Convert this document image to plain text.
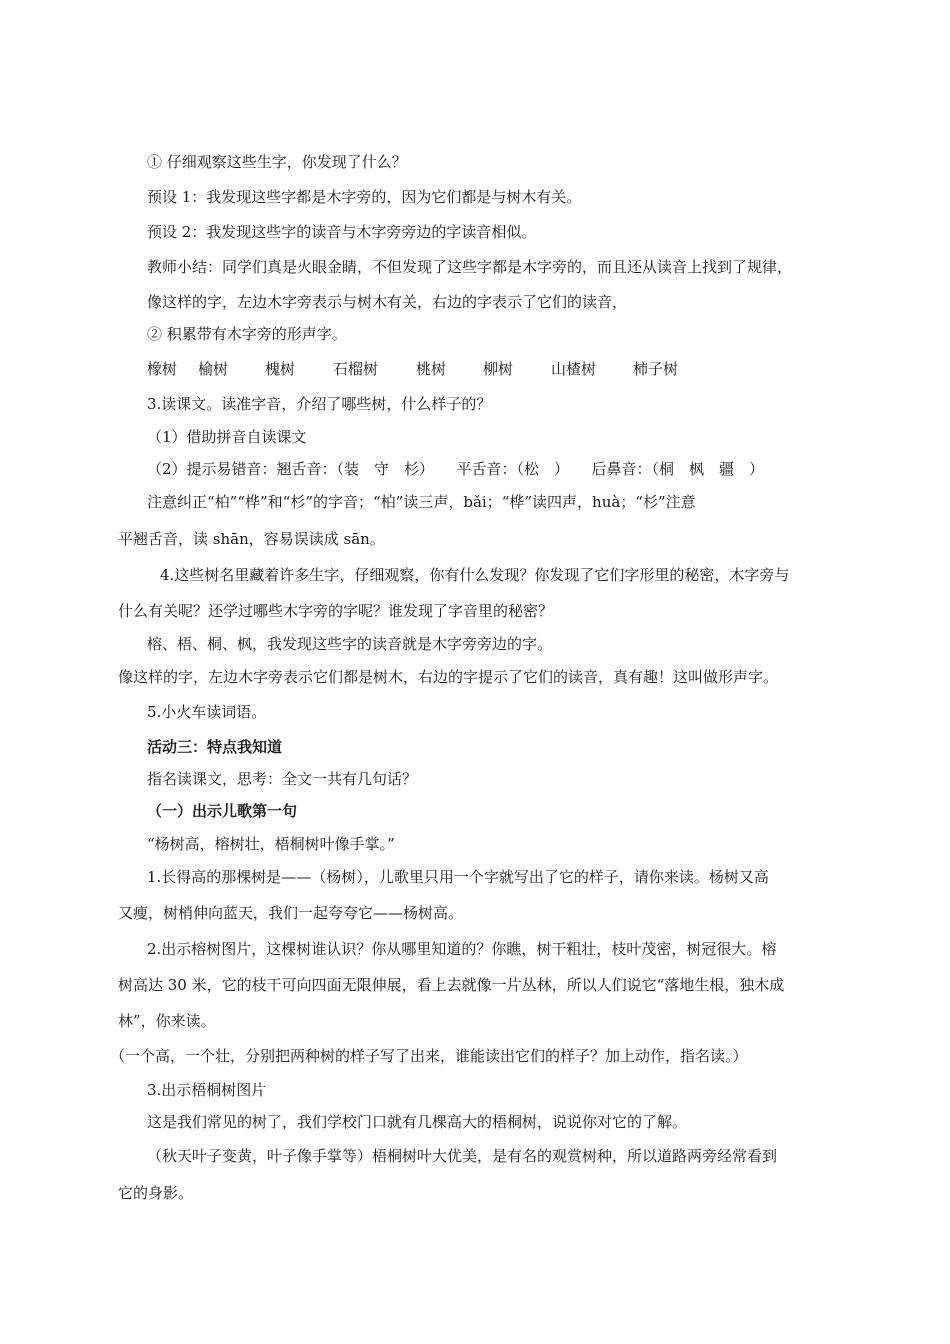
① 仔细观察这些生字，你发现了什么？
预设 1：我发现这些字都是木字旁的，因为它们都是与树木有关。
预设 2：我发现这些字的读音与木字旁旁边的字读音相似。
教师小结：同学们真是火眼金睛，不但发现了这些字都是木字旁的，而且还从读音上找到了规律，
像这样的字，左边木字旁表示与树木有关，右边的字表示了它们的读音，
② 积累带有木字旁的形声字。
橡树 榆树 槐树	石榴树	桃树 柳树	山楂树 柿子树
3.读课文。读准字音，介绍了哪些树，什么样子的？
（1）借助拼音自读课文
（2）提示易错音：翘舌音：（装　守　杉）　　平舌音：（松　）　　后鼻音：（桐　枫　疆　）
注意纠正“柏”“桦”和“杉”的字音；“柏”读三声，bǎi；“桦”读四声，huà；“杉”注意
平翘舌音，读 shān，容易误读成 sān。
4.这些树名里藏着许多生字，仔细观察，你有什么发现？你发现了它们字形里的秘密，木字旁与
什么有关呢？还学过哪些木字旁的字呢？谁发现了字音里的秘密？
榕、梧、桐、枫，我发现这些字的读音就是木字旁旁边的字。
像这样的字，左边木字旁表示它们都是树木，右边的字提示了它们的读音，真有趣！这叫做形声字。
5.小火车读词语。
活动三：特点我知道
指名读课文，思考：全文一共有几句话？
（一）出示儿歌第一句
“杨树高，榕树壮，梧桐树叶像手掌。”
1.长得高的那棵树是——（杨树），儿歌里只用一个字就写出了它的样子，请你来读。杨树又高
又瘦，树梢伸向蓝天，我们一起夸夸它——杨树高。
2.出示榕树图片，这棵树谁认识？你从哪里知道的？你瞧，树干粗壮，枝叶茂密，树冠很大。榕
树高达 30 米，它的枝干可向四面无限伸展，看上去就像一片丛林，所以人们说它“落地生根，独木成
林”，你来读。
（一个高，一个壮，分别把两种树的样子写了出来，谁能读出它们的样子？加上动作，指名读。）
3.出示梧桐树图片
这是我们常见的树了，我们学校门口就有几棵高大的梧桐树，说说你对它的了解。
（秋天叶子变黄，叶子像手掌等）梧桐树叶大优美，是有名的观赏树种，所以道路两旁经常看到
它的身影。
